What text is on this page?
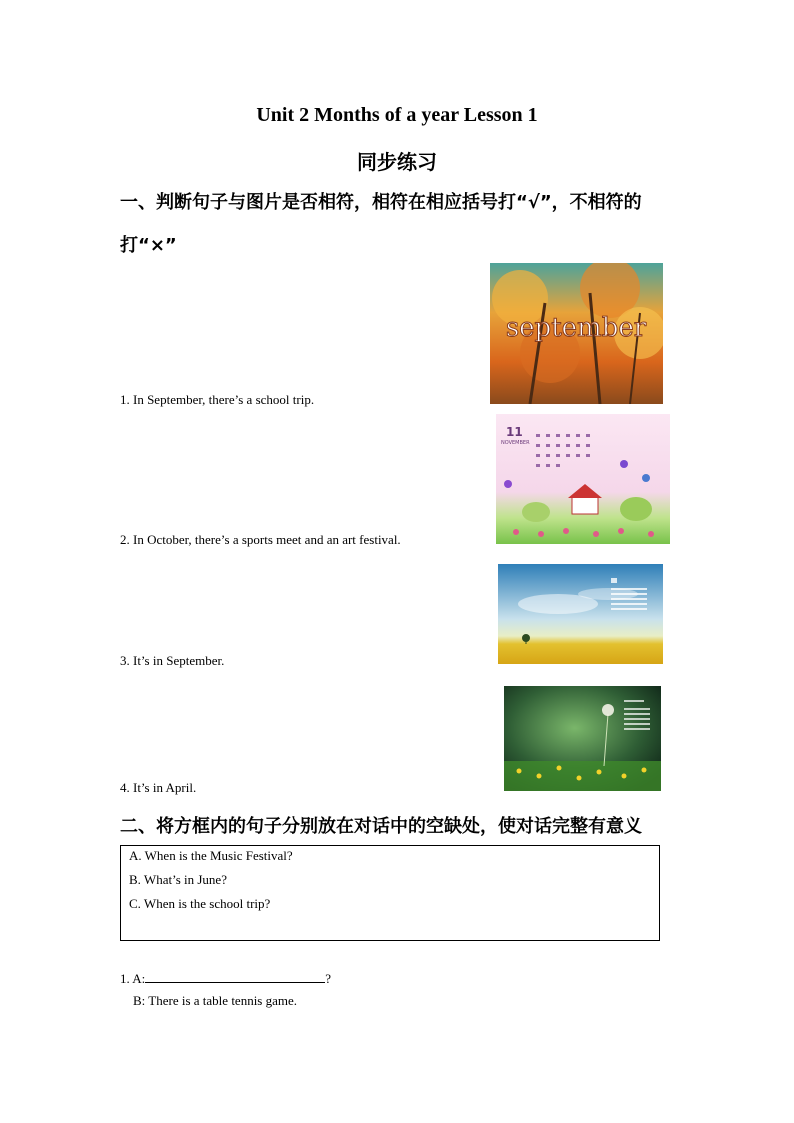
Unit 2 Months of a year Lesson 1
同步练习
一、判断句子与图片是否相符，相符在相应括号打“√”，不相符的
打“×”
september
1. In September, there’s a school trip.
11
NOVEMBER
2. In October, there’s a sports meet and an art festival.
3. It’s in September.
4. It’s in April.
二、将方框内的句子分别放在对话中的空缺处，使对话完整有意义
A. When is the Music Festival?
B. What’s in June?
C. When is the school trip?
1. A:	?
B: There is a table tennis game.
